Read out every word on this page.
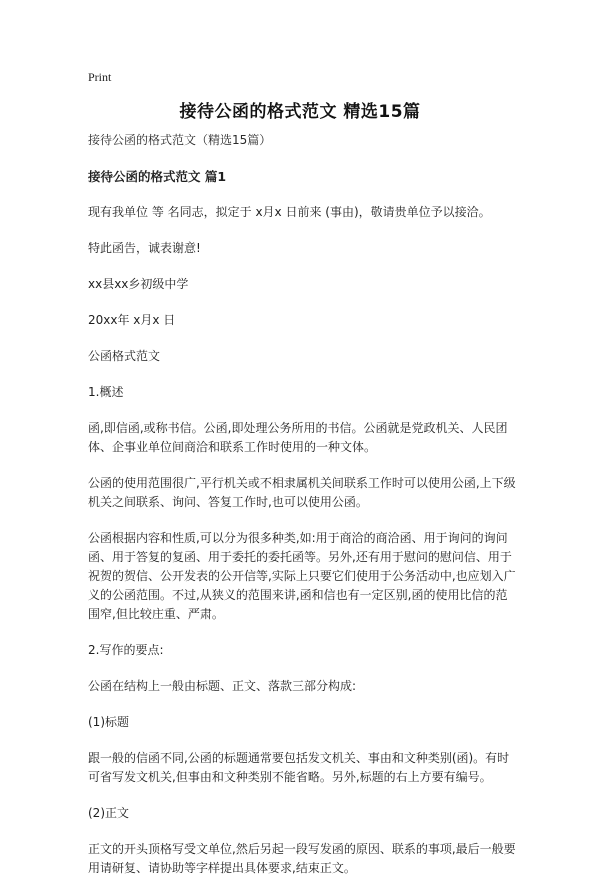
Print
接待公函的格式范文 精选15篇

接待公函的格式范文（精选15篇）

接待公函的格式范文 篇1

现有我单位 等 名同志，拟定于 x月x 日前来 (事由)，敬请贵单位予以接洽。

特此函告，诚表谢意!

xx县xx乡初级中学

20xx年 x月x 日

公函格式范文

1.概述

函,即信函,或称书信。公函,即处理公务所用的书信。公函就是党政机关、人民团体、企事业单位间商洽和联系工作时使用的一种文体。

公函的使用范围很广,平行机关或不相隶属机关间联系工作时可以使用公函,上下级机关之间联系、询问、答复工作时,也可以使用公函。

公函根据内容和性质,可以分为很多种类,如:用于商洽的商洽函、用于询问的询问函、用于答复的复函、用于委托的委托函等。另外,还有用于慰问的慰问信、用于祝贺的贺信、公开发表的公开信等,实际上只要它们使用于公务活动中,也应划入广义的公函范围。不过,从狭义的范围来讲,函和信也有一定区别,函的使用比信的范围窄,但比较庄重、严肃。

2.写作的要点:

公函在结构上一般由标题、正文、落款三部分构成:

(1)标题

跟一般的信函不同,公函的标题通常要包括发文机关、事由和文种类别(函)。有时可省写发文机关,但事由和文种类别不能省略。另外,标题的右上方要有编号。

(2)正文

正文的开头顶格写受文单位,然后另起一段写发函的原因、联系的事项,最后一般要用请研复、请协助等字样提出具体要求,结束正文。
